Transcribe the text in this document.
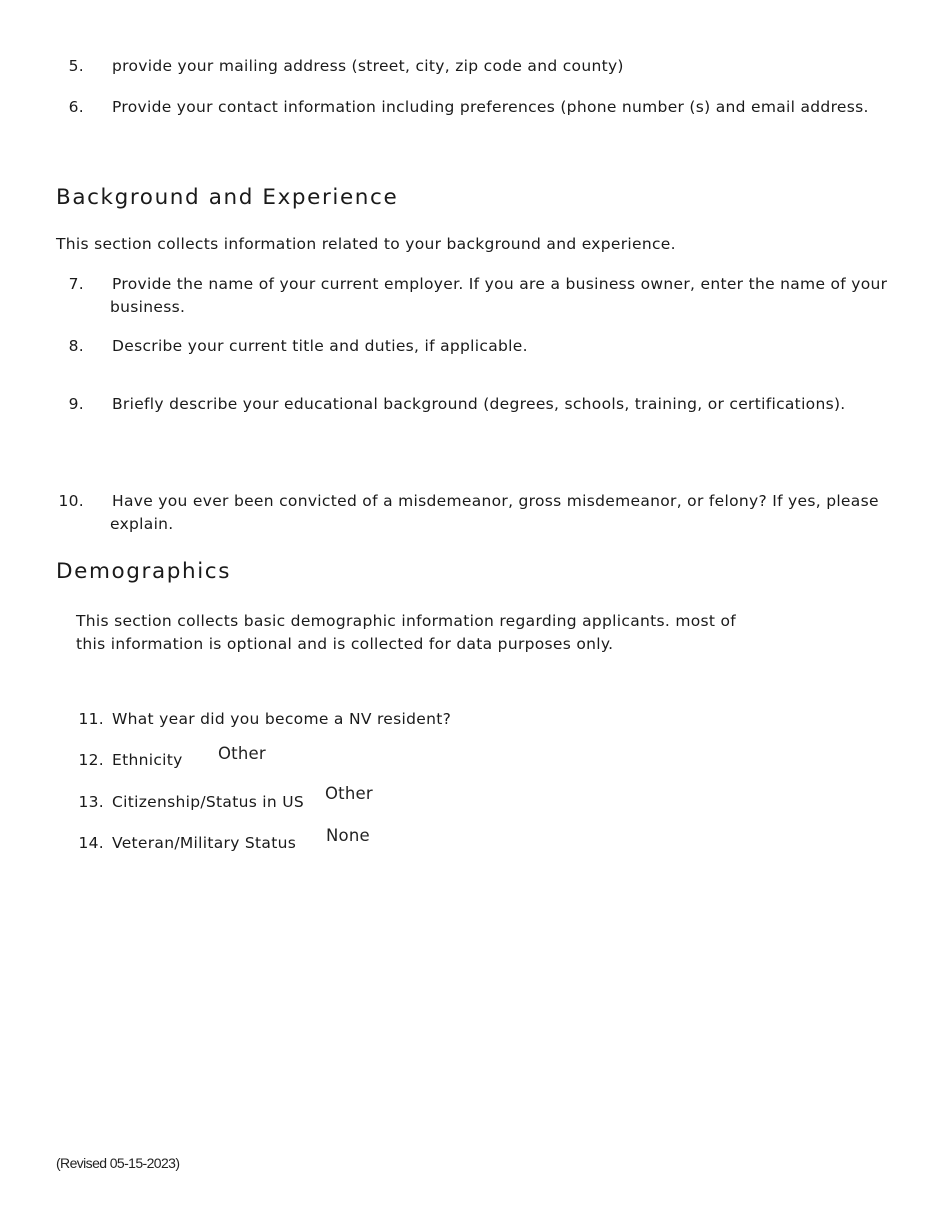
5. provide your mailing address (street, city, zip code and county)
6. Provide your contact information including preferences (phone number (s) and email address.
Background and Experience
This section collects information related to your background and experience.
7. Provide the name of your current employer. If you are a business owner, enter the name of your
business.
8. Describe your current title and duties, if applicable.
9. Briefly describe your educational background (degrees, schools, training, or certifications).
10. Have you ever been convicted of a misdemeanor, gross misdemeanor, or felony? If yes, please
explain.
Demographics
This section collects basic demographic information regarding applicants. most of
this information is optional and is collected for data purposes only.
11. What year did you become a NV resident?
12. Ethnicity Other
13. Citizenship/Status in US Other
14. Veteran/Military Status None
(Revised 05-15-2023)
